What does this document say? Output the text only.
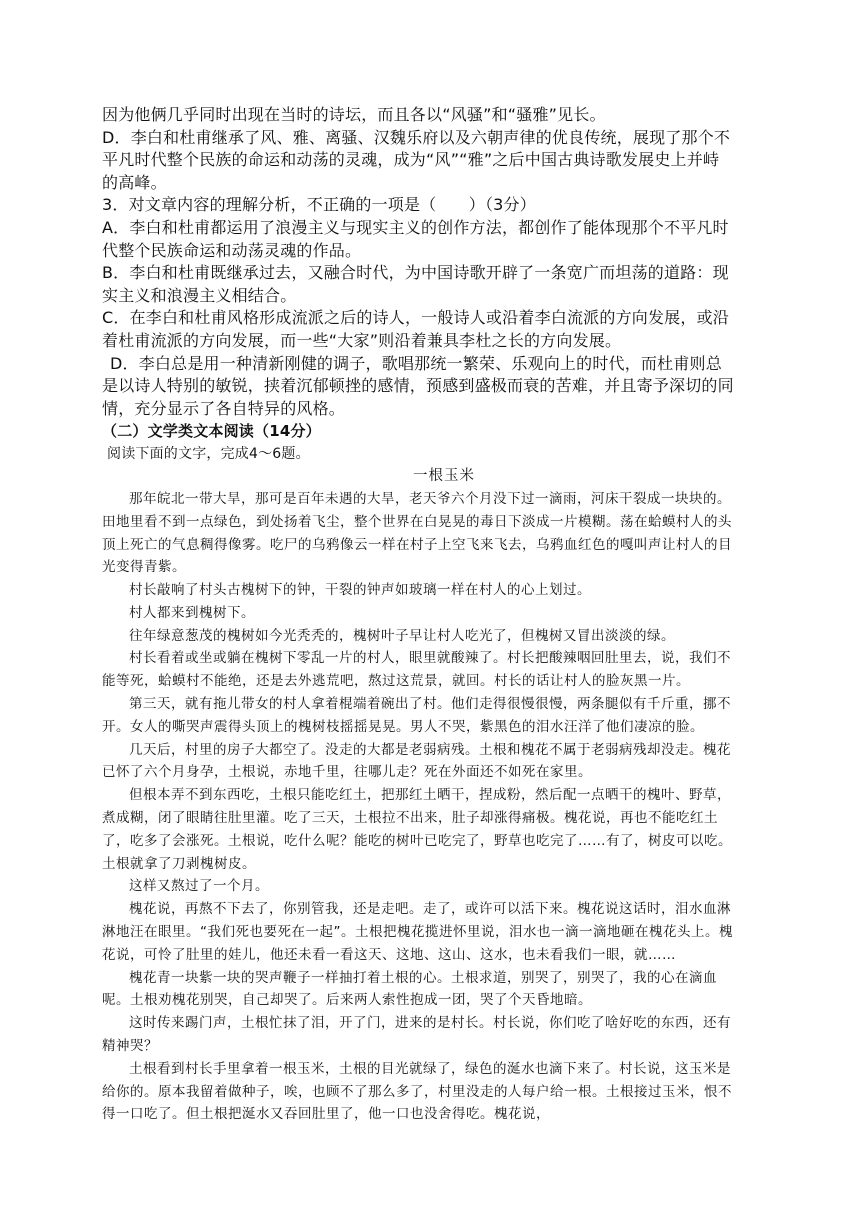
因为他俩几乎同时出现在当时的诗坛，而且各以“风骚”和“骚雅”见长。

D．李白和杜甫继承了风、雅、离骚、汉魏乐府以及六朝声律的优良传统，展现了那个不平凡时代整个民族的命运和动荡的灵魂，成为“风”“雅”之后中国古典诗歌发展史上并峙的高峰。

3．对文章内容的理解分析，不正确的一项是（　　）（3分）

A．李白和杜甫都运用了浪漫主义与现实主义的创作方法，都创作了能体现那个不平凡时代整个民族命运和动荡灵魂的作品。

B．李白和杜甫既继承过去，又融合时代，为中国诗歌开辟了一条宽广而坦荡的道路：现实主义和浪漫主义相结合。

C．在李白和杜甫风格形成流派之后的诗人，一般诗人或沿着李白流派的方向发展，或沿着杜甫流派的方向发展，而一些“大家”则沿着兼具李杜之长的方向发展。

D．李白总是用一种清新刚健的调子，歌唱那统一繁荣、乐观向上的时代，而杜甫则总是以诗人特别的敏锐，挟着沉郁顿挫的感情，预感到盛极而衰的苦难，并且寄予深切的同情，充分显示了各自特异的风格。

（二）文学类文本阅读（14分）

阅读下面的文字，完成4～6题。

一根玉米

那年皖北一带大旱，那可是百年未遇的大旱，老天爷六个月没下过一滴雨，河床干裂成一块块的。田地里看不到一点绿色，到处扬着飞尘，整个世界在白晃晃的毒日下淡成一片模糊。荡在蛤蟆村人的头顶上死亡的气息稠得像雾。吃尸的乌鸦像云一样在村子上空飞来飞去，乌鸦血红色的嘎叫声让村人的目光变得青紫。

村长敲响了村头古槐树下的钟，干裂的钟声如玻璃一样在村人的心上划过。

村人都来到槐树下。

往年绿意葱茂的槐树如今光秃秃的，槐树叶子早让村人吃光了，但槐树又冒出淡淡的绿。

村长看着或坐或躺在槐树下零乱一片的村人，眼里就酸辣了。村长把酸辣咽回肚里去，说，我们不能等死，蛤蟆村不能绝，还是去外逃荒吧，熬过这荒景，就回。村长的话让村人的脸灰黑一片。

第三天，就有拖儿带女的村人拿着棍端着碗出了村。他们走得很慢很慢，两条腿似有千斤重，挪不开。女人的嘶哭声震得头顶上的槐树枝摇摇晃晃。男人不哭，紫黑色的泪水汪洋了他们凄凉的脸。

几天后，村里的房子大都空了。没走的大都是老弱病残。土根和槐花不属于老弱病残却没走。槐花已怀了六个月身孕，土根说，赤地千里，往哪儿走？死在外面还不如死在家里。

但根本弄不到东西吃，土根只能吃红土，把那红土晒干，捏成粉，然后配一点晒干的槐叶、野草，煮成糊，闭了眼睛往肚里灌。吃了三天，土根拉不出来，肚子却涨得痛极。槐花说，再也不能吃红土了，吃多了会涨死。土根说，吃什么呢？能吃的树叶已吃完了，野草也吃完了……有了，树皮可以吃。土根就拿了刀剥槐树皮。

这样又熬过了一个月。

槐花说，再熬不下去了，你别管我，还是走吧。走了，或许可以活下来。槐花说这话时，泪水血淋淋地汪在眼里。“我们死也要死在一起”。土根把槐花揽进怀里说，泪水也一滴一滴地砸在槐花头上。槐花说，可怜了肚里的娃儿，他还未看一看这天、这地、这山、这水，也未看我们一眼，就……

槐花青一块紫一块的哭声鞭子一样抽打着土根的心。土根求道，别哭了，别哭了，我的心在滴血呢。土根劝槐花别哭，自己却哭了。后来两人索性抱成一团，哭了个天昏地暗。

这时传来踢门声，土根忙抹了泪，开了门，进来的是村长。村长说，你们吃了啥好吃的东西，还有精神哭？

土根看到村长手里拿着一根玉米，土根的目光就绿了，绿色的涎水也滴下来了。村长说，这玉米是给你的。原本我留着做种子，唉，也顾不了那么多了，村里没走的人每户给一根。土根接过玉米，恨不得一口吃了。但土根把涎水又吞回肚里了，他一口也没舍得吃。槐花说，
